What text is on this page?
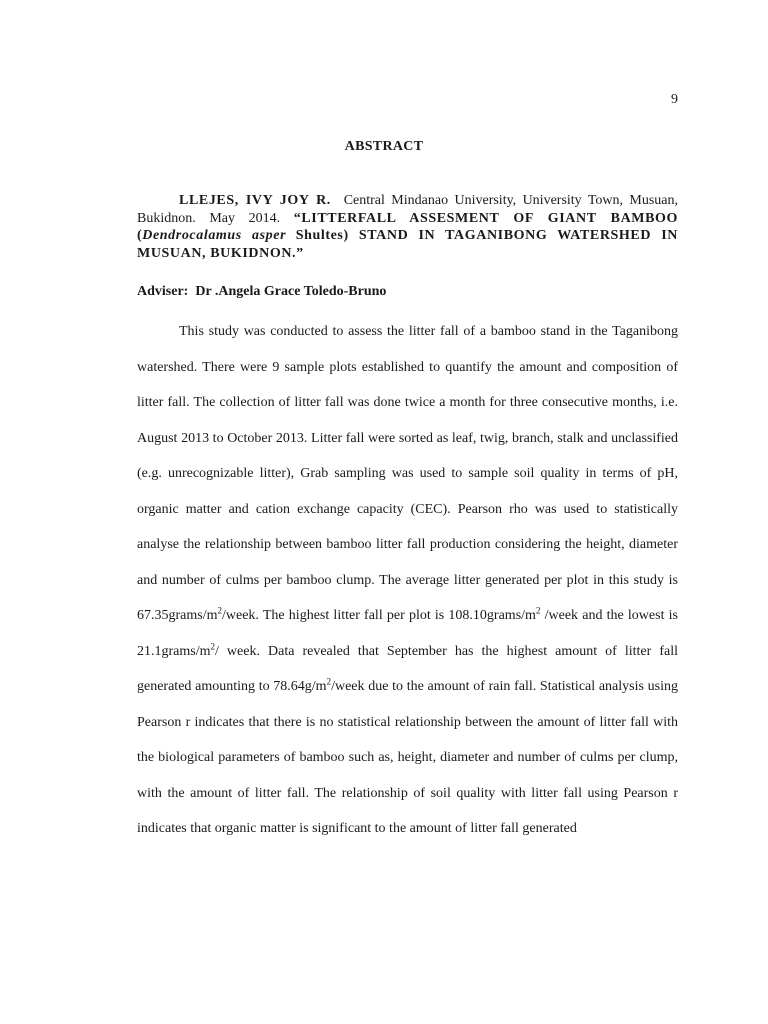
9
ABSTRACT
LLEJES, IVY JOY R. Central Mindanao University, University Town, Musuan, Bukidnon. May 2014. “LITTERFALL ASSESMENT OF GIANT BAMBOO (Dendrocalamus asper Shultes) STAND IN TAGANIBONG WATERSHED IN MUSUAN, BUKIDNON.”
Adviser: Dr .Angela Grace Toledo-Bruno
This study was conducted to assess the litter fall of a bamboo stand in the Taganibong watershed. There were 9 sample plots established to quantify the amount and composition of litter fall. The collection of litter fall was done twice a month for three consecutive months, i.e. August 2013 to October 2013. Litter fall were sorted as leaf, twig, branch, stalk and unclassified (e.g. unrecognizable litter), Grab sampling was used to sample soil quality in terms of pH, organic matter and cation exchange capacity (CEC). Pearson rho was used to statistically analyse the relationship between bamboo litter fall production considering the height, diameter and number of culms per bamboo clump. The average litter generated per plot in this study is $67.35grams/m^2$/week. The highest litter fall per plot is $108.10grams/m^2$ /week and the lowest is $21.1grams/m^2/$ week. Data revealed that September has the highest amount of litter fall generated amounting to $78.64g/m^2$/week due to the amount of rain fall. Statistical analysis using Pearson r indicates that there is no statistical relationship between the amount of litter fall with the biological parameters of bamboo such as, height, diameter and number of culms per clump, with the amount of litter fall. The relationship of soil quality with litter fall using Pearson r indicates that organic matter is significant to the amount of litter fall generated
